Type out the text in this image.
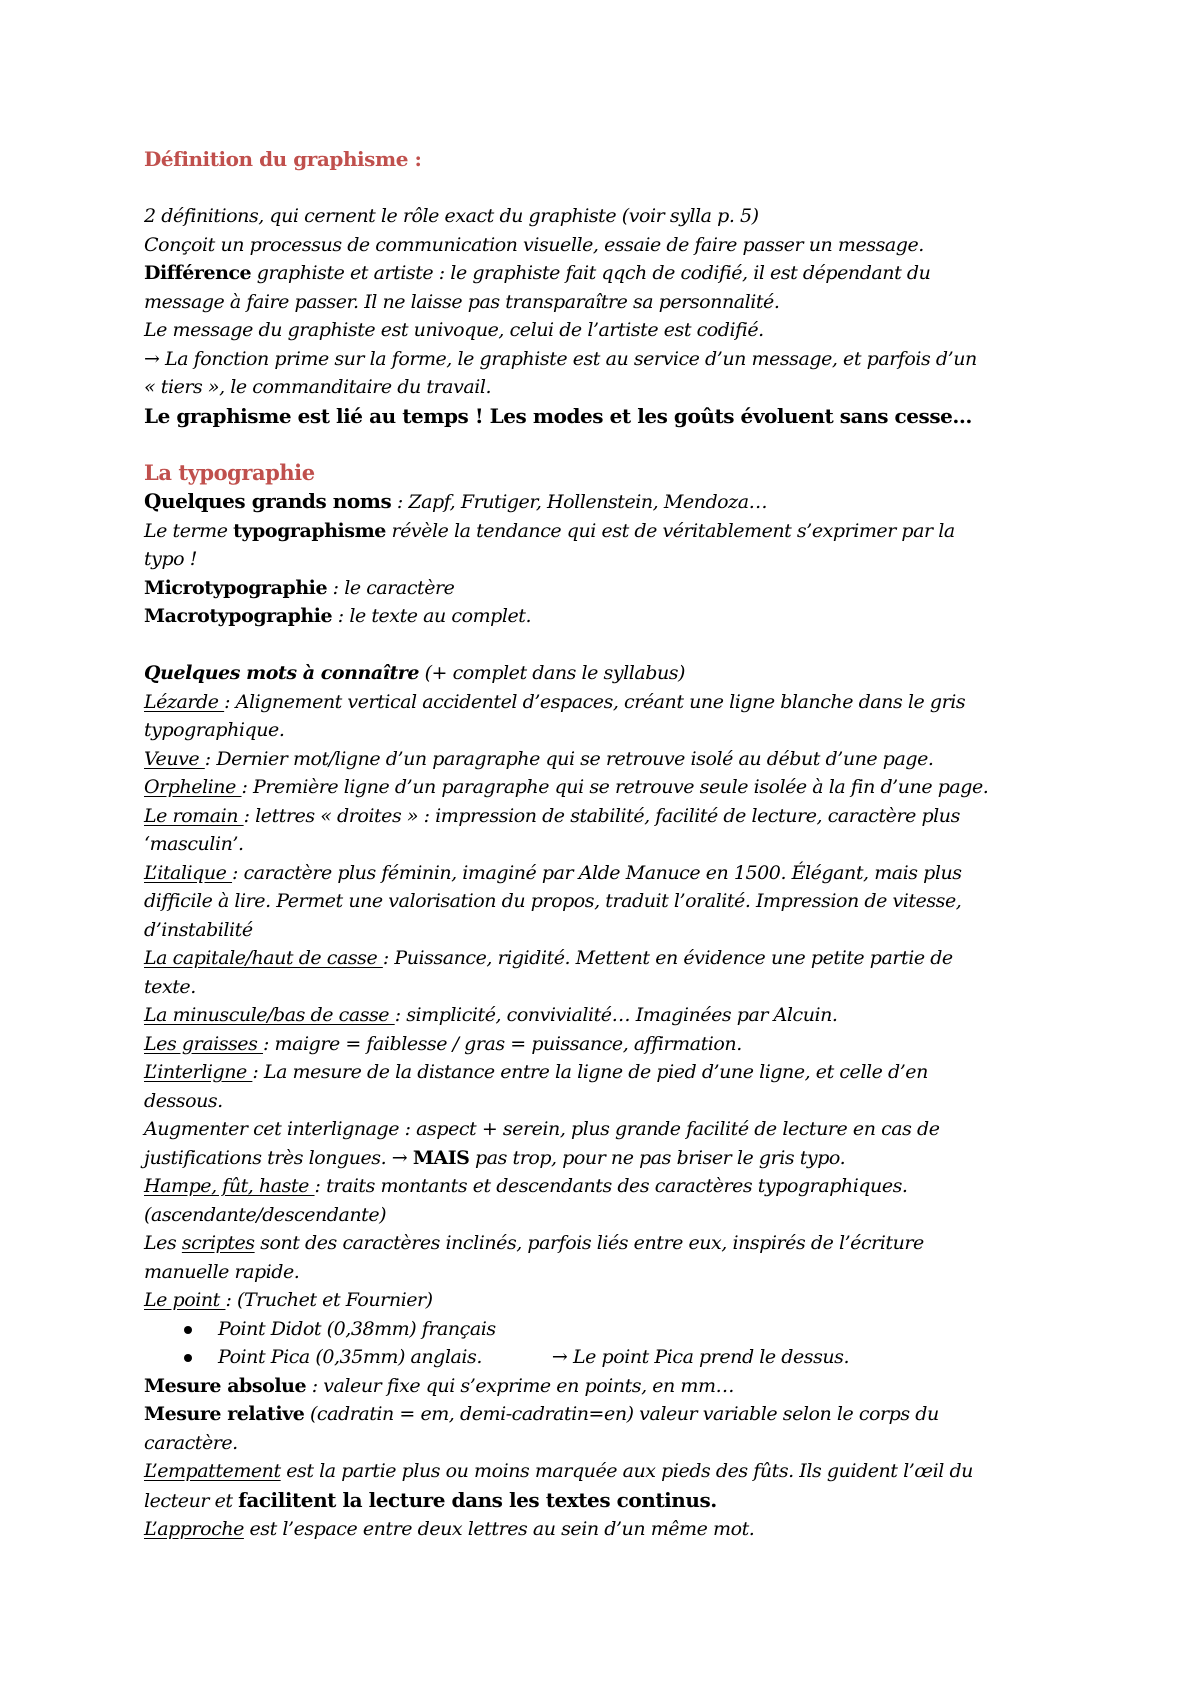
Définition du graphisme :
2 définitions, qui cernent le rôle exact du graphiste (voir sylla p. 5)
Conçoit un processus de communication visuelle, essaie de faire passer un message.
Différence graphiste et artiste : le graphiste fait qqch de codifié, il est dépendant du
message à faire passer. Il ne laisse pas transparaître sa personnalité.
Le message du graphiste est univoque, celui de l’artiste est codifié.
→ La fonction prime sur la forme, le graphiste est au service d’un message, et parfois d’un
« tiers », le commanditaire du travail.
Le graphisme est lié au temps ! Les modes et les goûts évoluent sans cesse…
La typographie
Quelques grands noms : Zapf, Frutiger, Hollenstein, Mendoza…
Le terme typographisme révèle la tendance qui est de véritablement s’exprimer par la
typo !
Microtypographie : le caractère
Macrotypographie : le texte au complet.
Quelques mots à connaître (+ complet dans le syllabus)
Lézarde : Alignement vertical accidentel d’espaces, créant une ligne blanche dans le gris
typographique.
Veuve : Dernier mot/ligne d’un paragraphe qui se retrouve isolé au début d’une page.
Orpheline : Première ligne d’un paragraphe qui se retrouve seule isolée à la fin d’une page.
Le romain : lettres « droites » : impression de stabilité, facilité de lecture, caractère plus
‘masculin’.
L’italique : caractère plus féminin, imaginé par Alde Manuce en 1500. Élégant, mais plus
difficile à lire. Permet une valorisation du propos, traduit l’oralité. Impression de vitesse,
d’instabilité
La capitale/haut de casse : Puissance, rigidité. Mettent en évidence une petite partie de
texte.
La minuscule/bas de casse : simplicité, convivialité… Imaginées par Alcuin.
Les graisses : maigre = faiblesse / gras = puissance, affirmation.
L’interligne : La mesure de la distance entre la ligne de pied d’une ligne, et celle d’en
dessous.
Augmenter cet interlignage : aspect + serein, plus grande facilité de lecture en cas de
justifications très longues. → MAIS pas trop, pour ne pas briser le gris typo.
Hampe, fût, haste : traits montants et descendants des caractères typographiques.
(ascendante/descendante)
Les scriptes sont des caractères inclinés, parfois liés entre eux, inspirés de l’écriture
manuelle rapide.
Le point : (Truchet et Fournier)
Point Didot (0,38mm) français
Point Pica (0,35mm) anglais.	→ Le point Pica prend le dessus.
Mesure absolue : valeur fixe qui s’exprime en points, en mm…
Mesure relative (cadratin = em, demi-cadratin=en) valeur variable selon le corps du
caractère.
L’empattement est la partie plus ou moins marquée aux pieds des fûts. Ils guident l’œil du
lecteur et facilitent la lecture dans les textes continus.
L’approche est l’espace entre deux lettres au sein d’un même mot.
